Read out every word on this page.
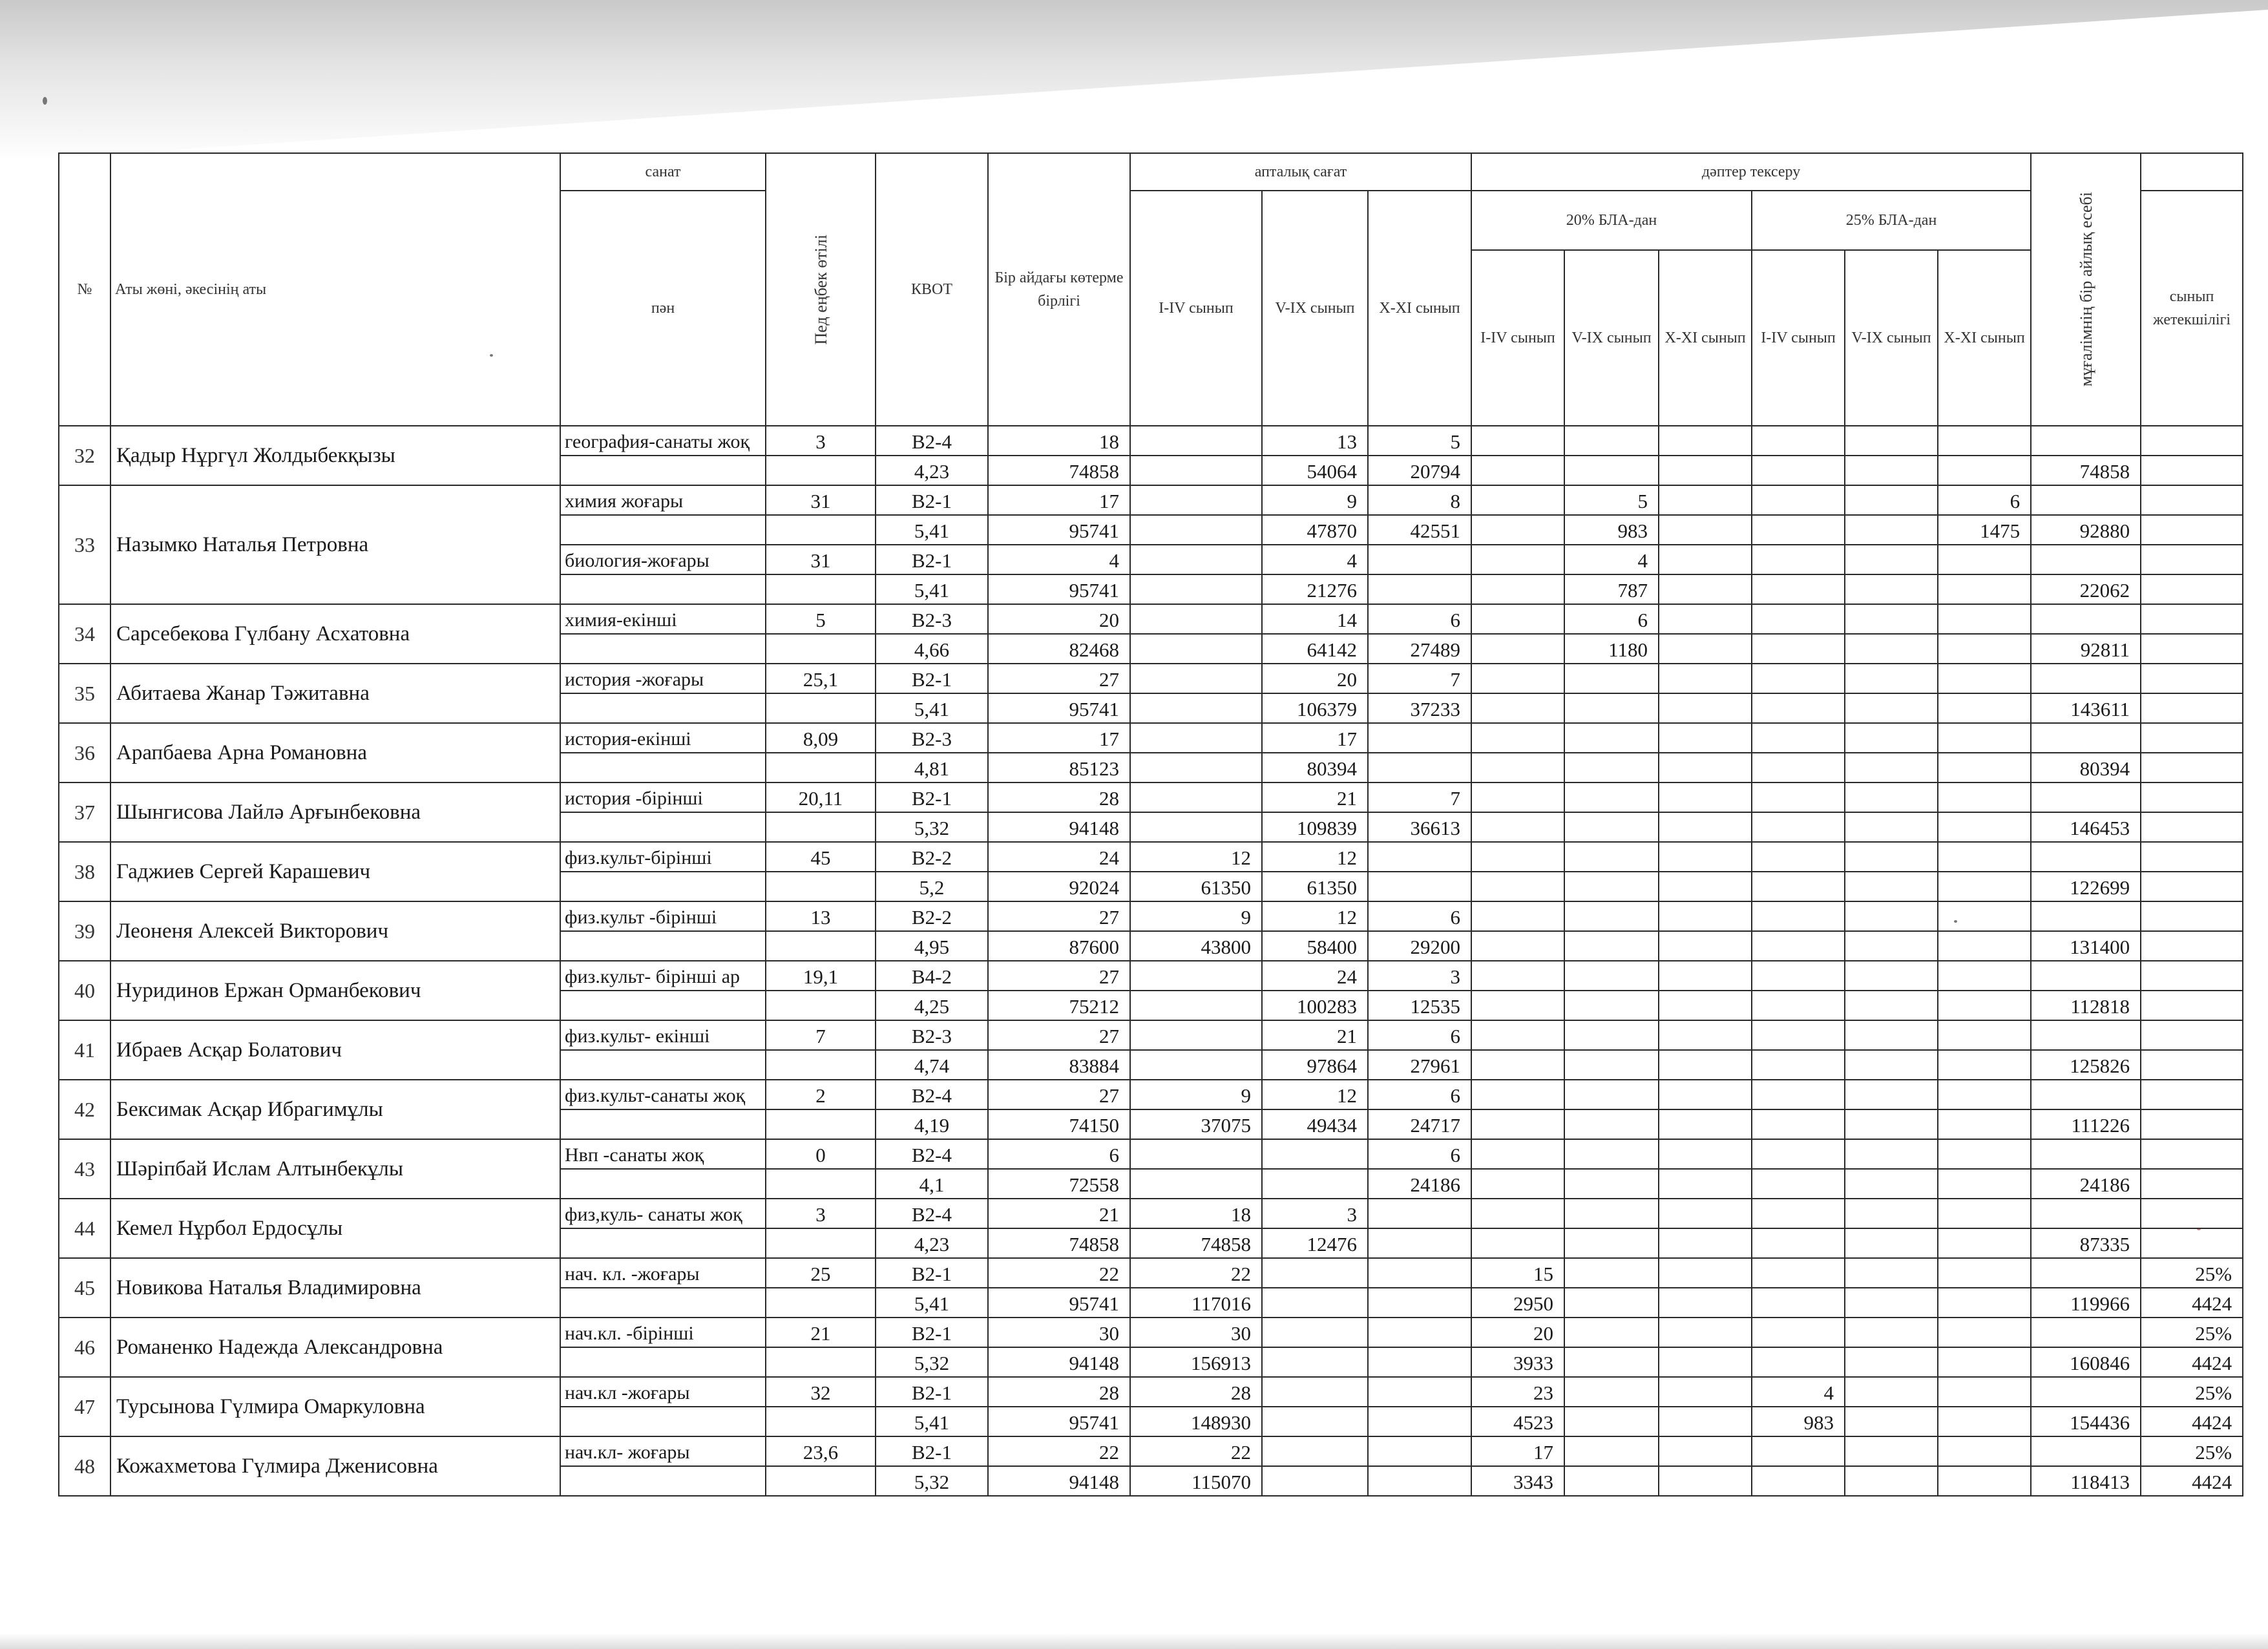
№	Аты жөні, әкесінің аты	санат	Пед еңбек өтілі	КВОТ	Бір айдағы көтерме бірлігі	апталық сағат			дәптер тексеру						мұғалімнің бір айлық есебі	

		пән				I-IV сынып	V-IX сынып	X-XI сынып	20% БЛА-дан			25% БЛА-дан				сынып жетекшілігі
									I-IV сынып	V-IX сынып	X-XI сынып	I-IV сынып	V-IX сынып	X-XI сынып		
32	Қадыр Нұргүл Жолдыбекқызы	география-санаты жоқ	3	В2-4	18		13	5								
				4,23	74858		54064	20794							74858	
33	Назымко Наталья Петровна	химия жоғары	31	В2-1	17		9	8		5				6		
				5,41	95741		47870	42551		983				1475	92880	
		биология-жоғары	31	В2-1	4		4			4						
				5,41	95741		21276			787					22062	
34	Сарсебекова Гүлбану Асхатовна	химия-екінші	5	В2-3	20		14	6		6						
				4,66	82468		64142	27489		1180					92811	
35	Абитаева Жанар Тәжитавна	история -жоғары	25,1	В2-1	27		20	7								
				5,41	95741		106379	37233							143611	
36	Арапбаева Арна Романовна	история-екінші	8,09	В2-3	17		17									
				4,81	85123		80394								80394	
37	Шынгисова Лайлә Арғынбековна	история -бірінші	20,11	В2-1	28		21	7								
				5,32	94148		109839	36613							146453	
38	Гаджиев Сергей Карашевич	физ.культ-бірінші	45	В2-2	24	12	12									
				5,2	92024	61350	61350								122699	
39	Леоненя Алексей Викторович	физ.культ -бірінші	13	В2-2	27	9	12	6								
				4,95	87600	43800	58400	29200							131400	
40	Нуридинов Ержан Орманбекович	физ.культ- бірінші ар	19,1	В4-2	27		24	3								
				4,25	75212		100283	12535							112818	
41	Ибраев Асқар Болатович	физ.культ- екінші	7	В2-3	27		21	6								
				4,74	83884		97864	27961							125826	
42	Бексимак Асқар Ибрагимұлы	физ.культ-санаты жоқ	2	В2-4	27	9	12	6								
				4,19	74150	37075	49434	24717							111226	
43	Шәріпбай Ислам Алтынбекұлы	Нвп -санаты жоқ	0	В2-4	6			6								
				4,1	72558			24186							24186	
44	Кемел Нұрбол Ердосұлы	физ,куль- санаты жоқ	3	В2-4	21	18	3									
				4,23	74858	74858	12476								87335	
45	Новикова Наталья Владимировна	нач. кл. -жоғары	25	В2-1	22	22			15							25%
				5,41	95741	117016			2950						119966	4424
46	Романенко Надежда Александровна	нач.кл. -бірінші	21	В2-1	30	30			20							25%
				5,32	94148	156913			3933						160846	4424
47	Турсынова Гүлмира Омаркуловна	нач.кл -жоғары	32	В2-1	28	28			23			4				25%
				5,41	95741	148930			4523			983			154436	4424
48	Кожахметова Гүлмира Дженисовна	нач.кл- жоғары	23,6	В2-1	22	22			17							25%
				5,32	94148	115070			3343						118413	4424
